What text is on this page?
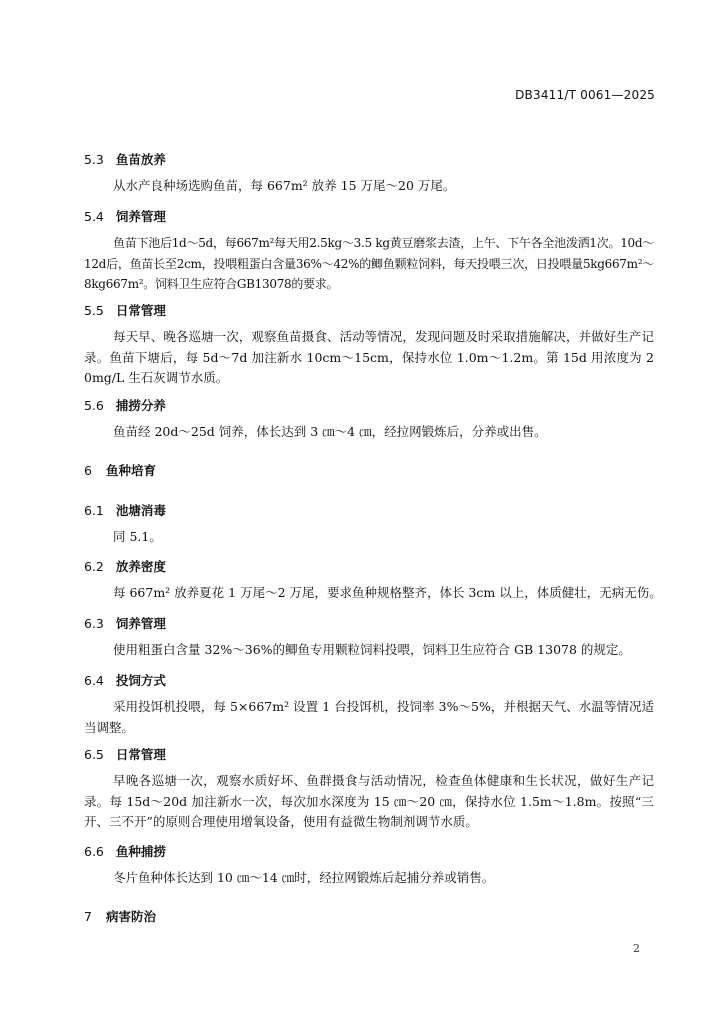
DB3411/T 0061—2025
5.3 鱼苗放养
从水产良种场选购鱼苗，每 667m² 放养 15 万尾～20 万尾。
5.4 饲养管理
鱼苗下池后1d～5d，每667m²每天用2.5kg～3.5 kg黄豆磨浆去渣，上午、下午各全池泼洒1次。10d～12d后，鱼苗长至2cm，投喂粗蛋白含量36%～42%的鲫鱼颗粒饲料，每天投喂三次，日投喂量5kg667m²～8kg667m²。饲料卫生应符合GB13078的要求。
5.5 日常管理
每天早、晚各巡塘一次，观察鱼苗摄食、活动等情况，发现问题及时采取措施解决，并做好生产记录。鱼苗下塘后，每 5d～7d 加注新水 10cm～15cm，保持水位 1.0m～1.2m。第 15d 用浓度为 20mg/L 生石灰调节水质。
5.6 捕捞分养
鱼苗经 20d～25d 饲养，体长达到 3 ㎝～4 ㎝，经拉网锻炼后，分养或出售。
6 鱼种培育
6.1 池塘消毒
同 5.1。
6.2 放养密度
每 667m² 放养夏花 1 万尾～2 万尾，要求鱼种规格整齐，体长 3cm 以上，体质健壮，无病无伤。
6.3 饲养管理
使用粗蛋白含量 32%～36%的鲫鱼专用颗粒饲料投喂，饲料卫生应符合 GB 13078 的规定。
6.4 投饲方式
采用投饵机投喂，每 5×667m² 设置 1 台投饵机，投饲率 3%～5%，并根据天气、水温等情况适当调整。
6.5 日常管理
早晚各巡塘一次，观察水质好坏、鱼群摄食与活动情况，检查鱼体健康和生长状况，做好生产记录。每 15d～20d 加注新水一次，每次加水深度为 15 ㎝～20 ㎝，保持水位 1.5m～1.8m。按照“三开、三不开”的原则合理使用增氧设备，使用有益微生物制剂调节水质。
6.6 鱼种捕捞
冬片鱼种体长达到 10 ㎝～14 ㎝时，经拉网锻炼后起捕分养或销售。
7 病害防治
2
